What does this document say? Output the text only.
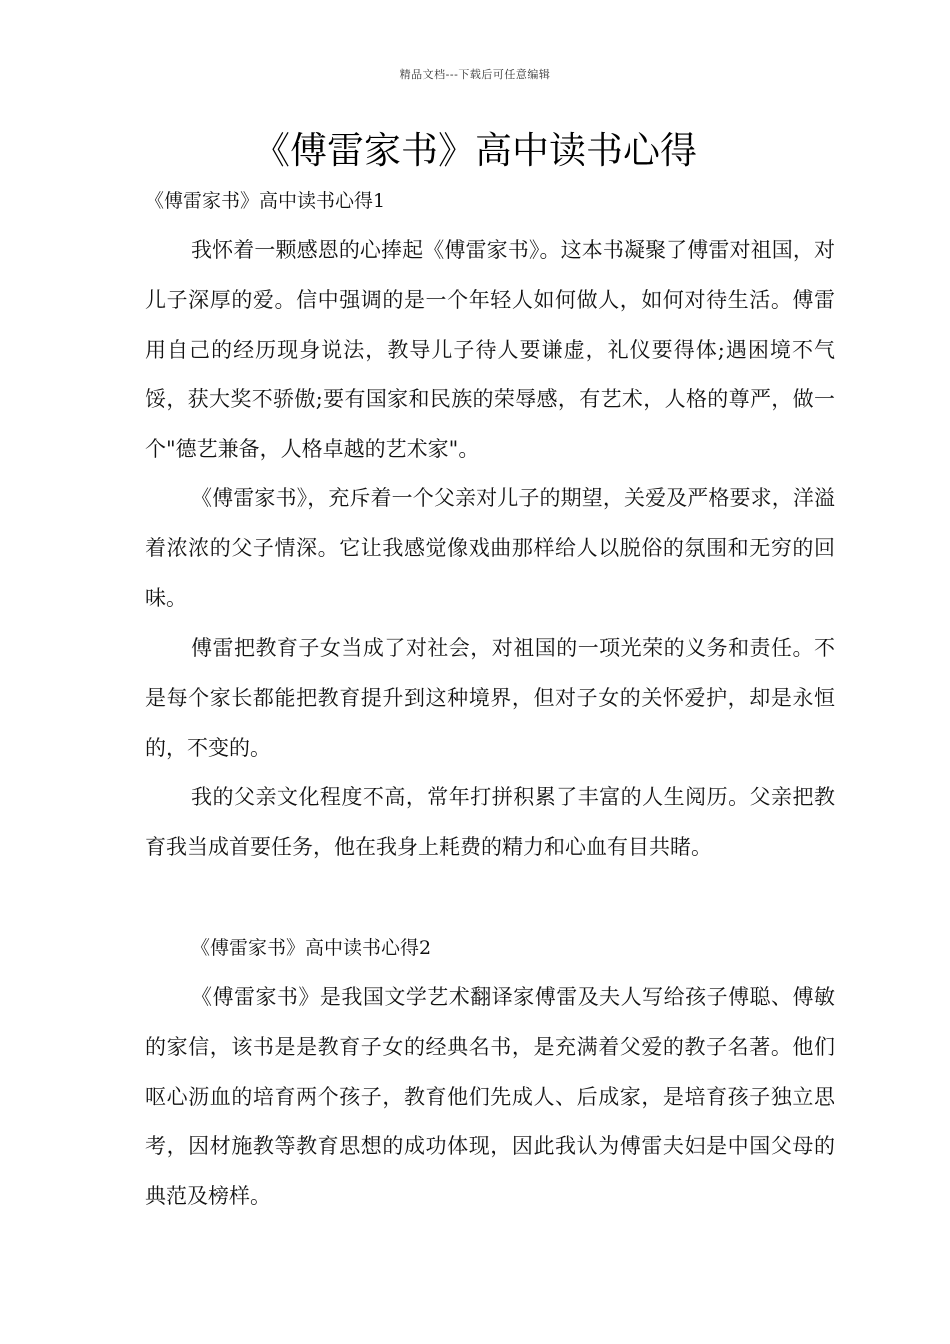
精品文档---下载后可任意编辑
《傅雷家书》高中读书心得
《傅雷家书》高中读书心得1

我怀着一颗感恩的心捧起《傅雷家书》。这本书凝聚了傅雷对祖国，对儿子深厚的爱。信中强调的是一个年轻人如何做人，如何对待生活。傅雷用自己的经历现身说法，教导儿子待人要谦虚，礼仪要得体;遇困境不气馁，获大奖不骄傲;要有国家和民族的荣辱感，有艺术，人格的尊严，做一个"德艺兼备，人格卓越的艺术家"。

《傅雷家书》，充斥着一个父亲对儿子的期望，关爱及严格要求，洋溢着浓浓的父子情深。它让我感觉像戏曲那样给人以脱俗的氛围和无穷的回味。

傅雷把教育子女当成了对社会，对祖国的一项光荣的义务和责任。不是每个家长都能把教育提升到这种境界，但对子女的关怀爱护，却是永恒的，不变的。

我的父亲文化程度不高，常年打拼积累了丰富的人生阅历。父亲把教育我当成首要任务，他在我身上耗费的精力和心血有目共睹。

《傅雷家书》高中读书心得2

《傅雷家书》是我国文学艺术翻译家傅雷及夫人写给孩子傅聪、傅敏的家信，该书是是教育子女的经典名书，是充满着父爱的教子名著。他们呕心沥血的培育两个孩子，教育他们先成人、后成家，是培育孩子独立思考，因材施教等教育思想的成功体现，因此我认为傅雷夫妇是中国父母的典范及榜样。
